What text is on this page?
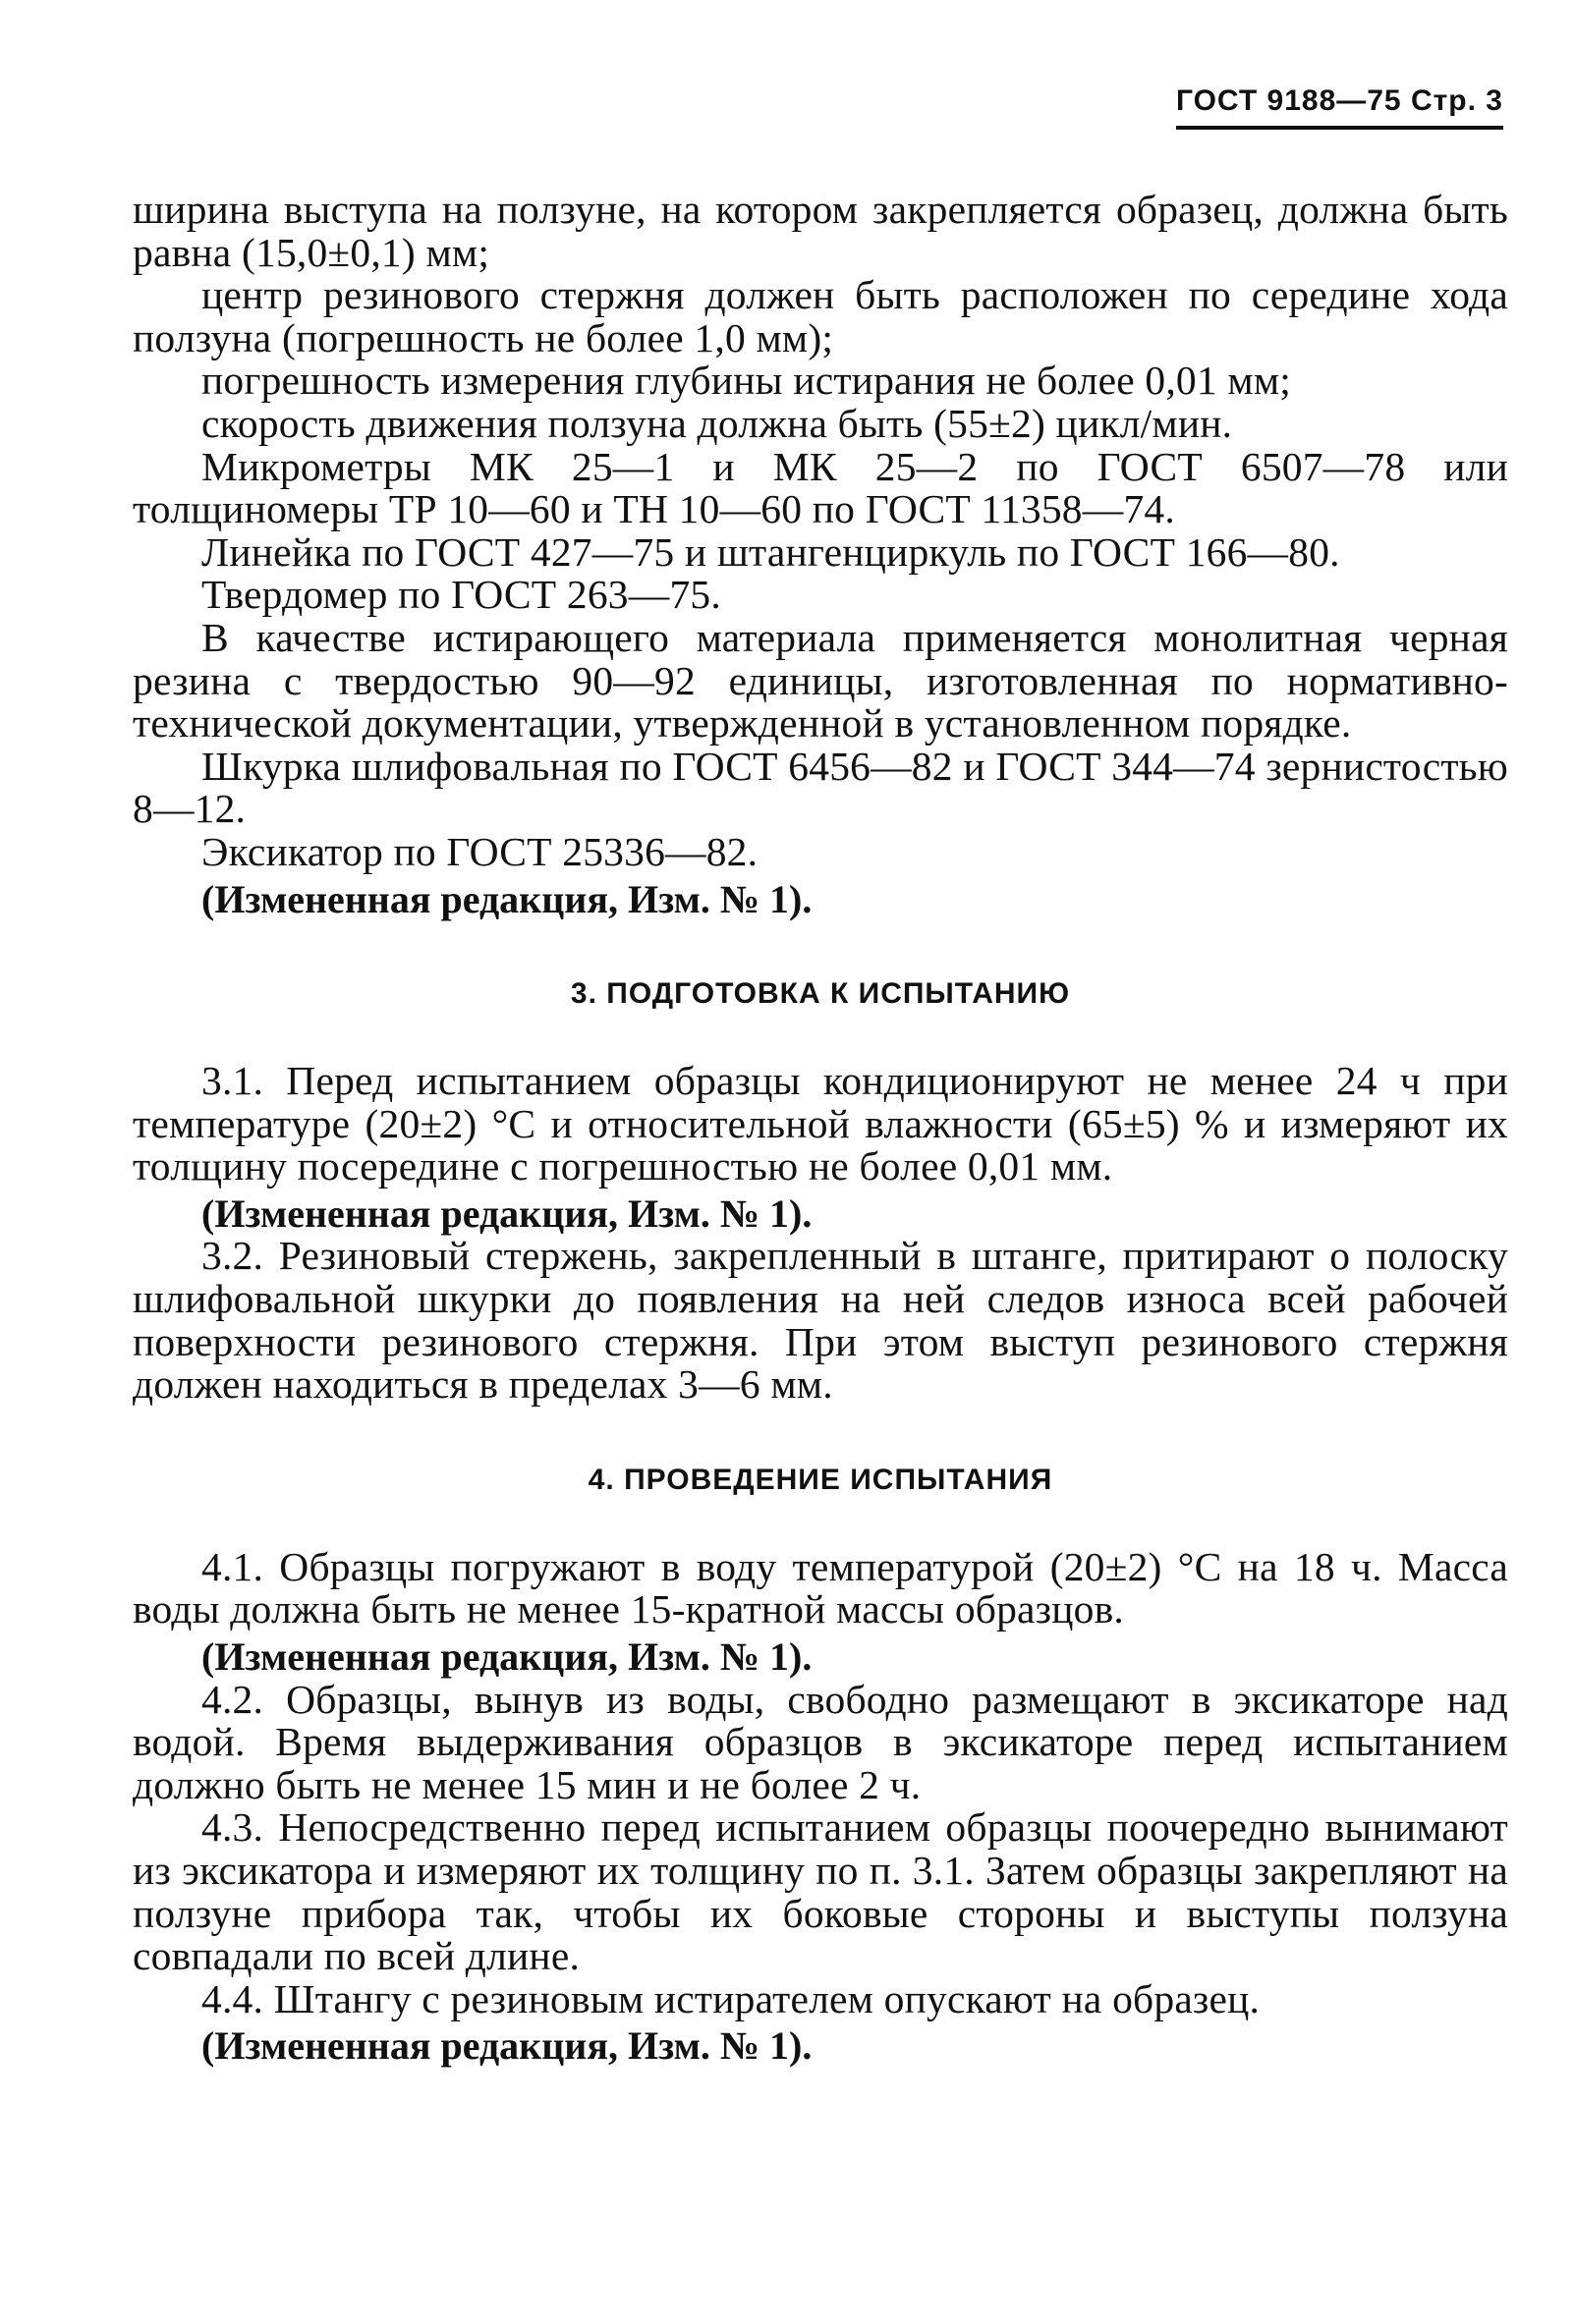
ГОСТ 9188—75 Стр. 3

ширина выступа на ползуне, на котором закрепляется образец, должна быть равна (15,0±0,1) мм;

центр резинового стержня должен быть расположен по середине хода ползуна (погрешность не более 1,0 мм);

погрешность измерения глубины истирания не более 0,01 мм;

скорость движения ползуна должна быть (55±2) цикл/мин.

Микрометры МК 25—1 и МК 25—2 по ГОСТ 6507—78 или толщиномеры ТР 10—60 и ТН 10—60 по ГОСТ 11358—74.

Линейка по ГОСТ 427—75 и штангенциркуль по ГОСТ 166—80.

Твердомер по ГОСТ 263—75.

В качестве истирающего материала применяется монолитная черная резина с твердостью 90—92 единицы, изготовленная по нормативно-технической документации, утвержденной в установленном порядке.

Шкурка шлифовальная по ГОСТ 6456—82 и ГОСТ 344—74 зернистостью 8—12.

Эксикатор по ГОСТ 25336—82.

(Измененная редакция, Изм. № 1).

3. ПОДГОТОВКА К ИСПЫТАНИЮ

3.1. Перед испытанием образцы кондиционируют не менее 24 ч при температуре (20±2) °С и относительной влажности (65±5) % и измеряют их толщину посередине с погрешностью не более 0,01 мм.

(Измененная редакция, Изм. № 1).

3.2. Резиновый стержень, закрепленный в штанге, притирают о полоску шлифовальной шкурки до появления на ней следов износа всей рабочей поверхности резинового стержня. При этом выступ резинового стержня должен находиться в пределах 3—6 мм.

4. ПРОВЕДЕНИЕ ИСПЫТАНИЯ

4.1. Образцы погружают в воду температурой (20±2) °С на 18 ч. Масса воды должна быть не менее 15-кратной массы образцов.

(Измененная редакция, Изм. № 1).

4.2. Образцы, вынув из воды, свободно размещают в эксикаторе над водой. Время выдерживания образцов в эксикаторе перед испытанием должно быть не менее 15 мин и не более 2 ч.

4.3. Непосредственно перед испытанием образцы поочередно вынимают из эксикатора и измеряют их толщину по п. 3.1. Затем образцы закрепляют на ползуне прибора так, чтобы их боковые стороны и выступы ползуна совпадали по всей длине.

4.4. Штангу с резиновым истирателем опускают на образец.

(Измененная редакция, Изм. № 1).
